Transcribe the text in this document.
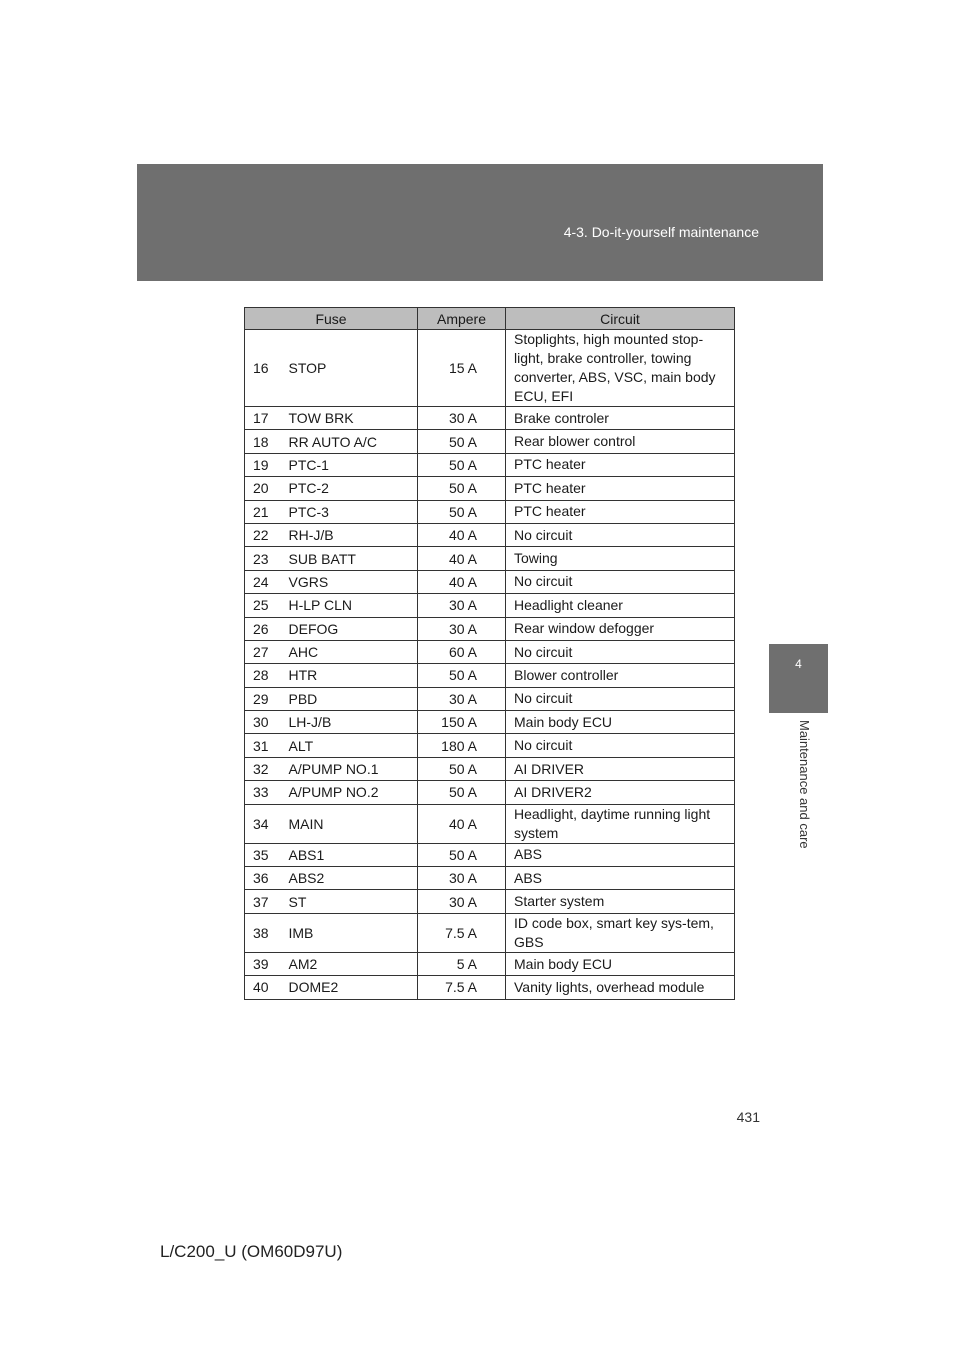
4-3. Do-it-yourself maintenance
4
Maintenance and care
Fuse		Ampere	Circuit
16	STOP	15 A	Stoplights, high mounted stop-light, brake controller, towing converter, ABS, VSC, main body ECU, EFI
17	TOW BRK	30 A	Brake controler
18	RR AUTO A/C	50 A	Rear blower control
19	PTC-1	50 A	PTC heater
20	PTC-2	50 A	PTC heater
21	PTC-3	50 A	PTC heater
22	RH-J/B	40 A	No circuit
23	SUB BATT	40 A	Towing
24	VGRS	40 A	No circuit
25	H-LP CLN	30 A	Headlight cleaner
26	DEFOG	30 A	Rear window defogger
27	AHC	60 A	No circuit
28	HTR	50 A	Blower controller
29	PBD	30 A	No circuit
30	LH-J/B	150 A	Main body ECU
31	ALT	180 A	No circuit
32	A/PUMP NO.1	50 A	AI DRIVER
33	A/PUMP NO.2	50 A	AI DRIVER2
34	MAIN	40 A	Headlight, daytime running light system
35	ABS1	50 A	ABS
36	ABS2	30 A	ABS
37	ST	30 A	Starter system
38	IMB	7.5 A	ID code box, smart key sys-tem, GBS
39	AM2	5 A	Main body ECU
40	DOME2	7.5 A	Vanity lights, overhead module
431
L/C200_U (OM60D97U)
